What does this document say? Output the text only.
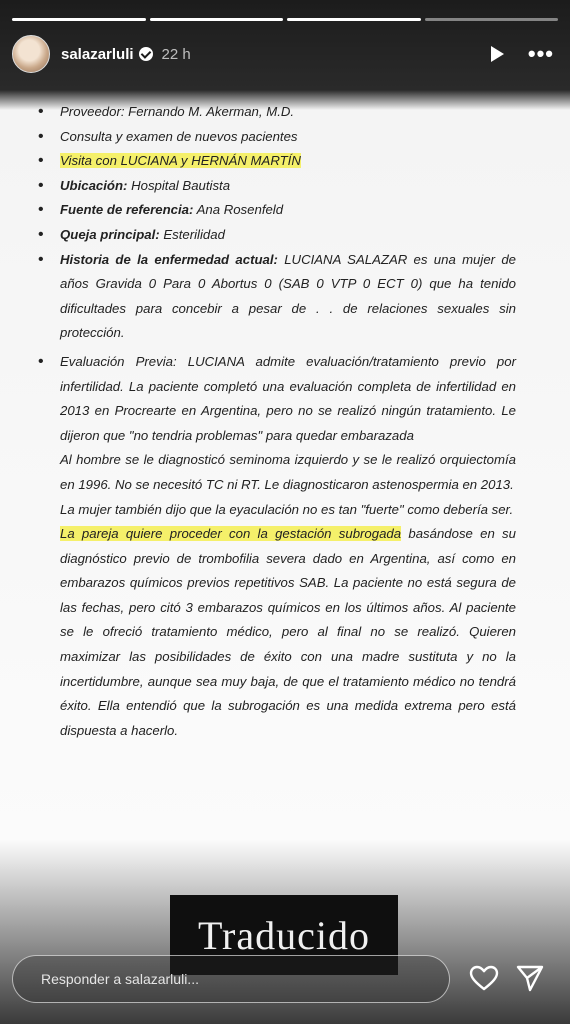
salazarluli 22 h	•••
• Proveedor: Fernando M. Akerman, M.D.
• Consulta y examen de nuevos pacientes
• Visita con LUCIANA y HERNÁN MARTÍN
• Ubicación: Hospital Bautista
• Fuente de referencia: Ana Rosenfeld
• Queja principal: Esterilidad
• Historia de la enfermedad actual: LUCIANA SALAZAR es una mujer de años Gravida 0 Para 0 Abortus 0 (SAB 0 VTP 0 ECT 0) que ha tenido dificultades para concebir a pesar de . . de relaciones sexuales sin protección.

• Evaluación Previa: LUCIANA admite evaluación/tratamiento previo por infertilidad. La paciente completó una evaluación completa de infertilidad en 2013 en Procrearte en Argentina, pero no se realizó ningún tratamiento. Le dijeron que "no tendria problemas" para quedar embarazada

Al hombre se le diagnosticó seminoma izquierdo y se le realizó orquiectomía en 1996. No se necesitó TC ni RT. Le diagnosticaron astenospermia en 2013.

La mujer también dijo que la eyaculación no es tan "fuerte" como debería ser.

La pareja quiere proceder con la gestación subrogada basándose en su diagnóstico previo de trombofilia severa dado en Argentina, así como en embarazos químicos previos repetitivos SAB. La paciente no está segura de las fechas, pero citó 3 embarazos químicos en los últimos años. Al paciente se le ofreció tratamiento médico, pero al final no se realizó. Quieren maximizar las posibilidades de éxito con una madre sustituta y no la incertidumbre, aunque sea muy baja, de que el tratamiento médico no tendrá éxito. Ella entendió que la subrogación es una medida extrema pero está dispuesta a hacerlo.

Traducido
Responder a salazarluli...
